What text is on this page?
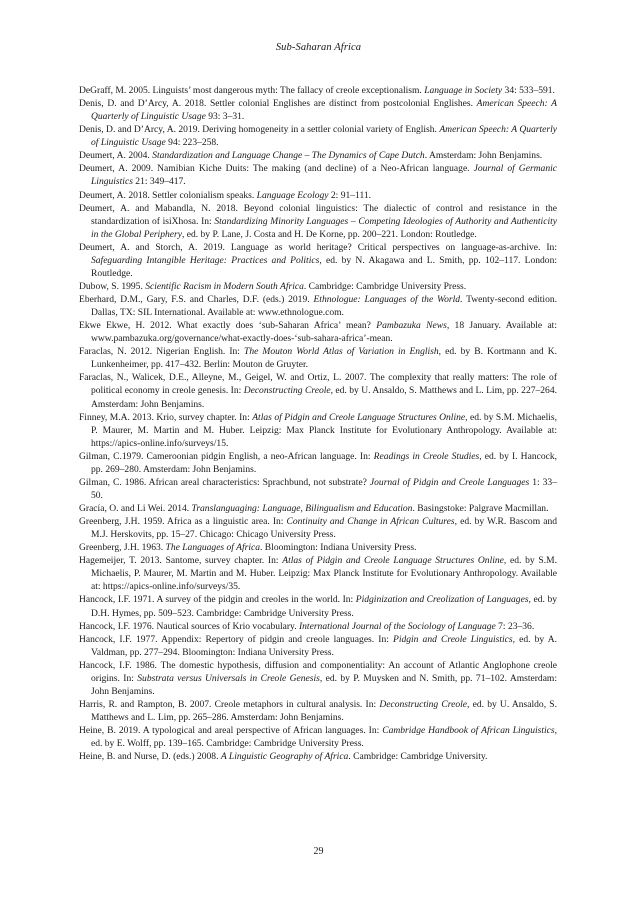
Sub-Saharan Africa
DeGraff, M. 2005. Linguists’ most dangerous myth: The fallacy of creole exceptionalism. Language in Society 34: 533–591.
Denis, D. and D’Arcy, A. 2018. Settler colonial Englishes are distinct from postcolonial Englishes. American Speech: A Quarterly of Linguistic Usage 93: 3–31.
Denis, D. and D’Arcy, A. 2019. Deriving homogeneity in a settler colonial variety of English. American Speech: A Quarterly of Linguistic Usage 94: 223–258.
Deumert, A. 2004. Standardization and Language Change – The Dynamics of Cape Dutch. Amsterdam: John Benjamins.
Deumert, A. 2009. Namibian Kiche Duits: The making (and decline) of a Neo-African language. Journal of Germanic Linguistics 21: 349–417.
Deumert, A. 2018. Settler colonialism speaks. Language Ecology 2: 91–111.
Deumert, A. and Mabandla, N. 2018. Beyond colonial linguistics: The dialectic of control and resistance in the standardization of isiXhosa. In: Standardizing Minority Languages – Competing Ideologies of Authority and Authenticity in the Global Periphery, ed. by P. Lane, J. Costa and H. De Korne, pp. 200–221. London: Routledge.
Deumert, A. and Storch, A. 2019. Language as world heritage? Critical perspectives on language-as-archive. In: Safeguarding Intangible Heritage: Practices and Politics, ed. by N. Akagawa and L. Smith, pp. 102–117. London: Routledge.
Dubow, S. 1995. Scientific Racism in Modern South Africa. Cambridge: Cambridge University Press.
Eberhard, D.M., Gary, F.S. and Charles, D.F. (eds.) 2019. Ethnologue: Languages of the World. Twenty-second edition. Dallas, TX: SIL International. Available at: www.ethnologue.com.
Ekwe Ekwe, H. 2012. What exactly does ‘sub-Saharan Africa’ mean? Pambazuka News, 18 January. Available at: www.pambazuka.org/governance/what-exactly-does-‘sub-sahara-africa’-mean.
Faraclas, N. 2012. Nigerian English. In: The Mouton World Atlas of Variation in English, ed. by B. Kortmann and K. Lunkenheimer, pp. 417–432. Berlin: Mouton de Gruyter.
Faraclas, N., Walicek, D.E., Alleyne, M., Geigel, W. and Ortiz, L. 2007. The complexity that really matters: The role of political economy in creole genesis. In: Deconstructing Creole, ed. by U. Ansaldo, S. Matthews and L. Lim, pp. 227–264. Amsterdam: John Benjamins.
Finney, M.A. 2013. Krio, survey chapter. In: Atlas of Pidgin and Creole Language Structures Online, ed. by S.M. Michaelis, P. Maurer, M. Martin and M. Huber. Leipzig: Max Planck Institute for Evolutionary Anthropology. Available at: https://apics-online.info/surveys/15.
Gilman, C.1979. Cameroonian pidgin English, a neo-African language. In: Readings in Creole Studies, ed. by I. Hancock, pp. 269–280. Amsterdam: John Benjamins.
Gilman, C. 1986. African areal characteristics: Sprachbund, not substrate? Journal of Pidgin and Creole Languages 1: 33–50.
Gracía, O. and Li Wei. 2014. Translanguaging: Language, Bilingualism and Education. Basingstoke: Palgrave Macmillan.
Greenberg, J.H. 1959. Africa as a linguistic area. In: Continuity and Change in African Cultures, ed. by W.R. Bascom and M.J. Herskovits, pp. 15–27. Chicago: Chicago University Press.
Greenberg, J.H. 1963. The Languages of Africa. Bloomington: Indiana University Press.
Hagemeijer, T. 2013. Santome, survey chapter. In: Atlas of Pidgin and Creole Language Structures Online, ed. by S.M. Michaelis, P. Maurer, M. Martin and M. Huber. Leipzig: Max Planck Institute for Evolutionary Anthropology. Available at: https://apics-online.info/surveys/35.
Hancock, I.F. 1971. A survey of the pidgin and creoles in the world. In: Pidginization and Creolization of Languages, ed. by D.H. Hymes, pp. 509–523. Cambridge: Cambridge University Press.
Hancock, I.F. 1976. Nautical sources of Krio vocabulary. International Journal of the Sociology of Language 7: 23–36.
Hancock, I.F. 1977. Appendix: Repertory of pidgin and creole languages. In: Pidgin and Creole Linguistics, ed. by A. Valdman, pp. 277–294. Bloomington: Indiana University Press.
Hancock, I.F. 1986. The domestic hypothesis, diffusion and componentiality: An account of Atlantic Anglophone creole origins. In: Substrata versus Universals in Creole Genesis, ed. by P. Muysken and N. Smith, pp. 71–102. Amsterdam: John Benjamins.
Harris, R. and Rampton, B. 2007. Creole metaphors in cultural analysis. In: Deconstructing Creole, ed. by U. Ansaldo, S. Matthews and L. Lim, pp. 265–286. Amsterdam: John Benjamins.
Heine, B. 2019. A typological and areal perspective of African languages. In: Cambridge Handbook of African Linguistics, ed. by E. Wolff, pp. 139–165. Cambridge: Cambridge University Press.
Heine, B. and Nurse, D. (eds.) 2008. A Linguistic Geography of Africa. Cambridge: Cambridge University.
29
